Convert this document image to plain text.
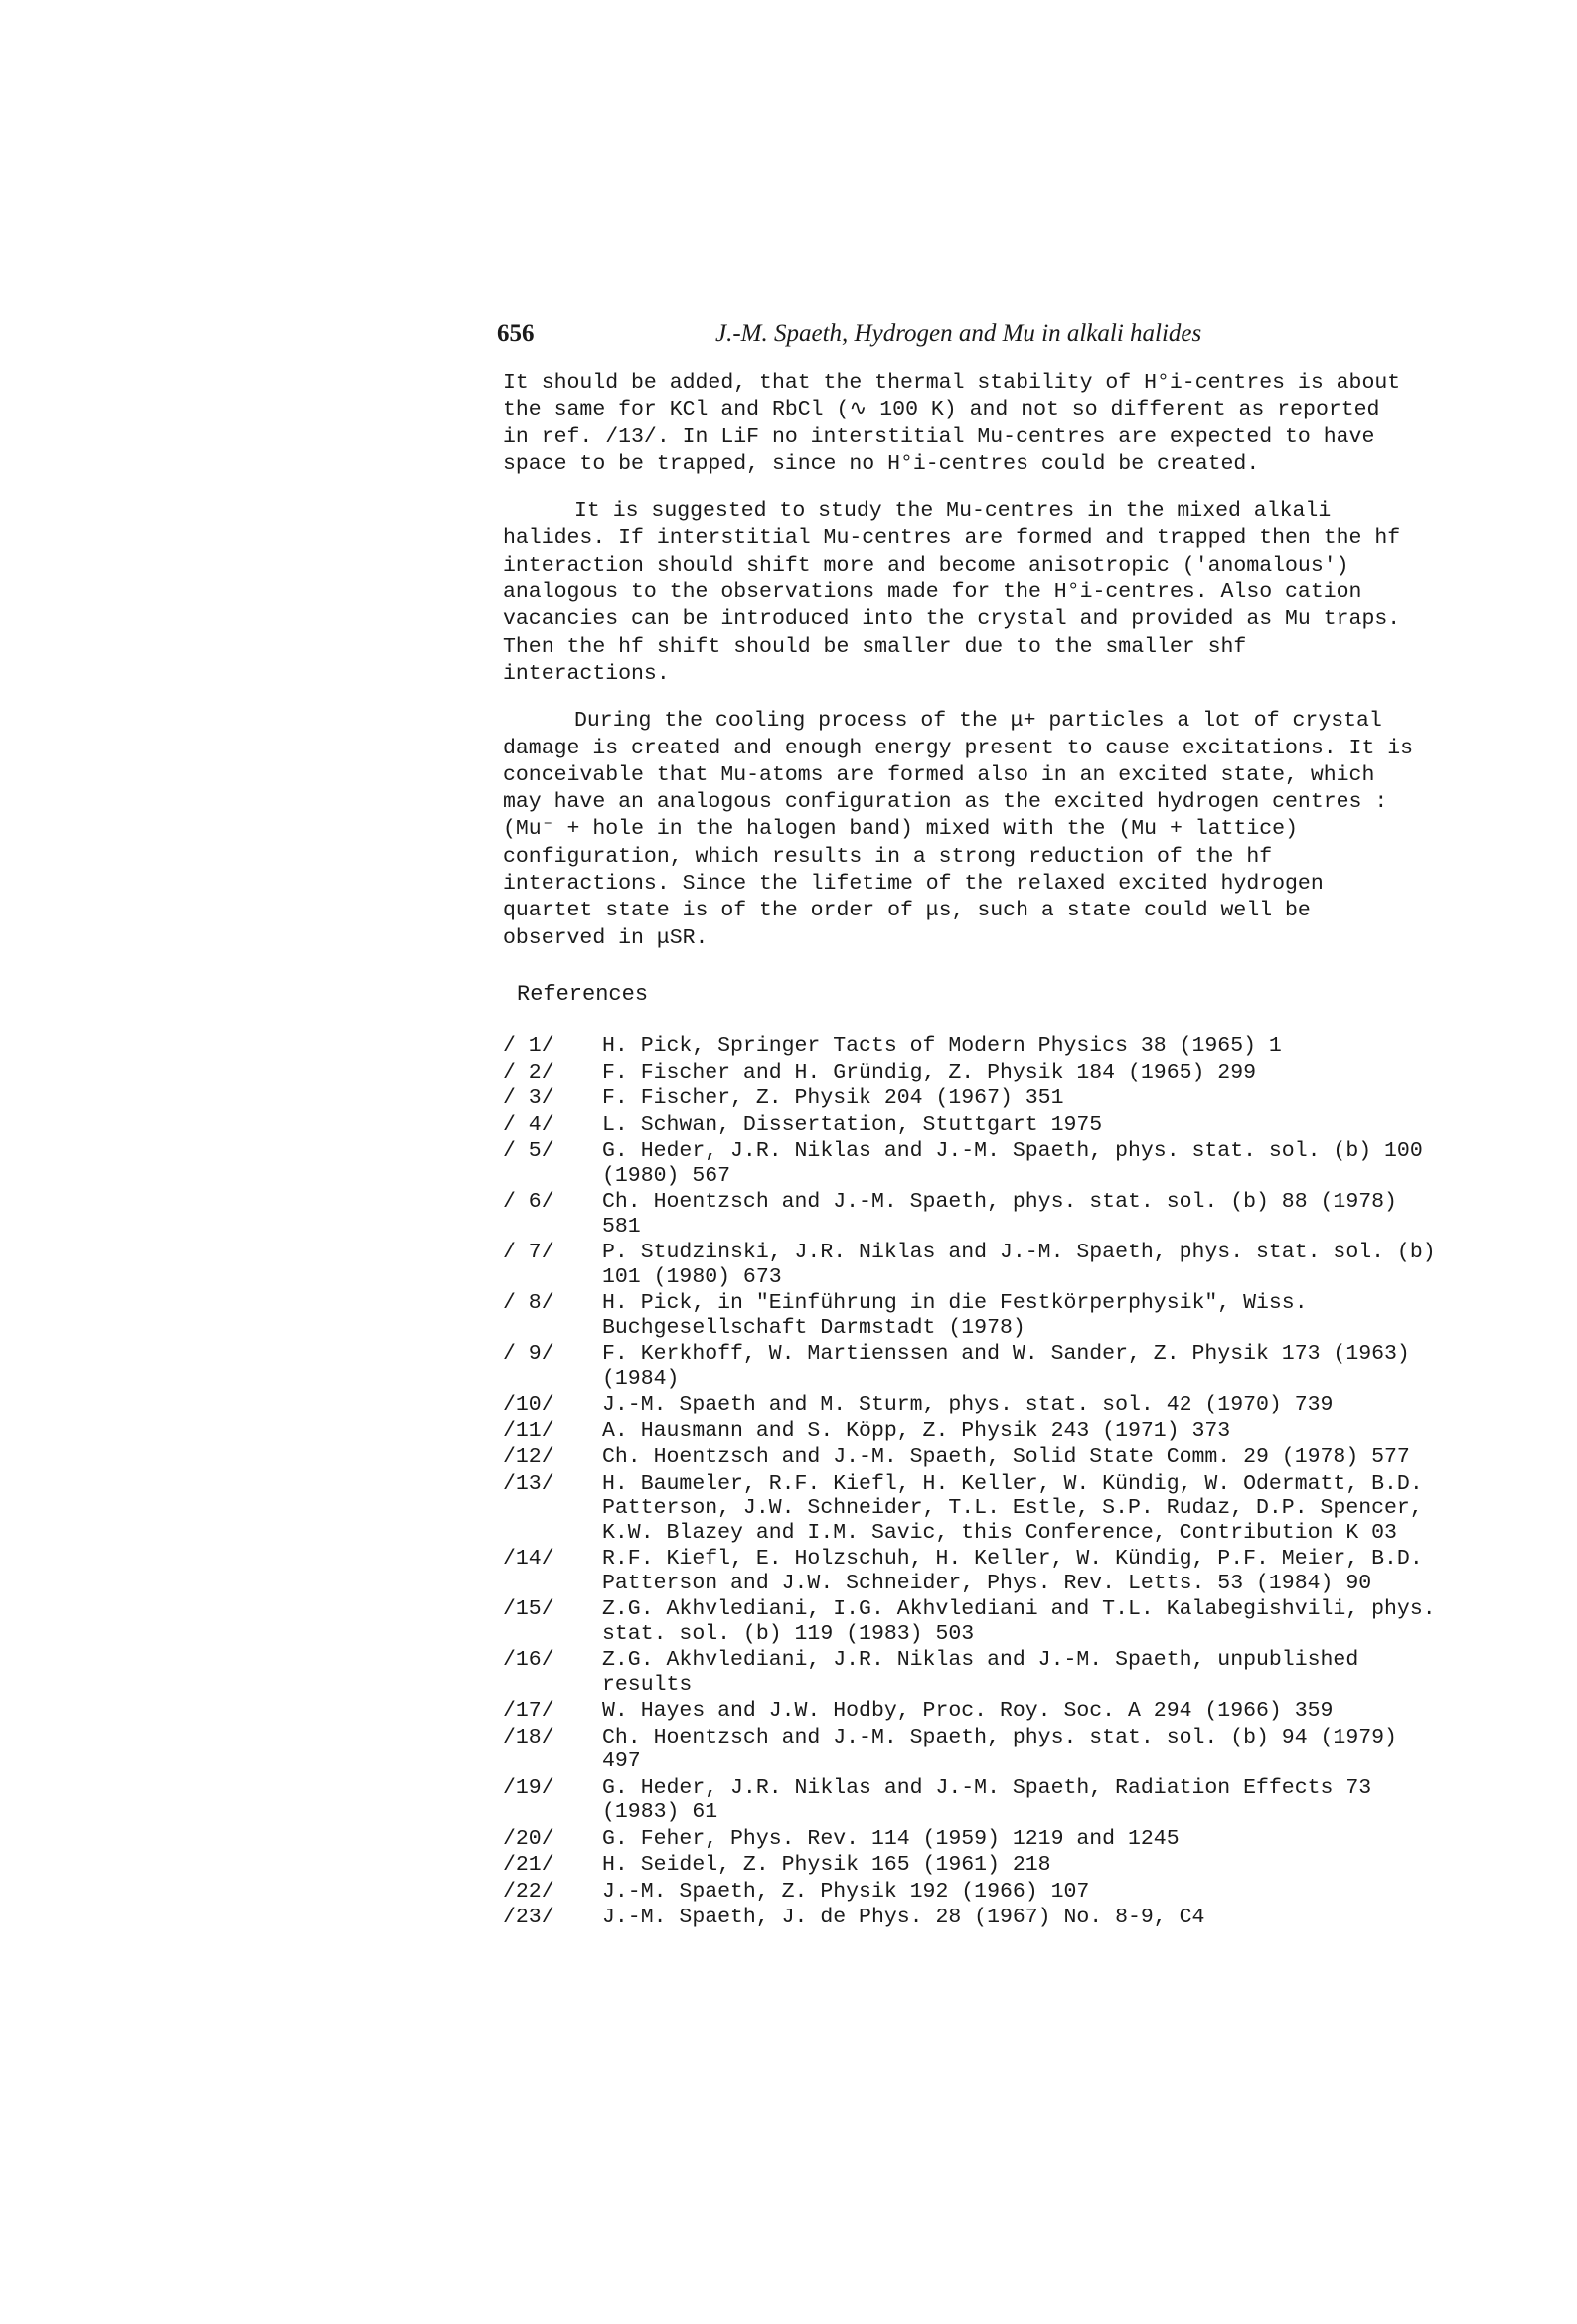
656	J.-M. Spaeth, Hydrogen and Mu in alkali halides

It should be added, that the thermal stability of H°i-centres is about the same for KCl and RbCl (∿ 100 K) and not so different as reported in ref. /13/. In LiF no interstitial Mu-centres are expected to have space to be trapped, since no H°i-centres could be created.

It is suggested to study the Mu-centres in the mixed alkali halides. If interstitial Mu-centres are formed and trapped then the hf interaction should shift more and become anisotropic ('anomalous') analogous to the observations made for the H°i-centres. Also cation vacancies can be introduced into the crystal and provided as Mu traps. Then the hf shift should be smaller due to the smaller shf interactions.

During the cooling process of the μ+ particles a lot of crystal damage is created and enough energy present to cause excitations. It is conceivable that Mu-atoms are formed also in an excited state, which may have an analogous configuration as the excited hydrogen centres : (Mu⁻ + hole in the halogen band) mixed with the (Mu + lattice) configuration, which results in a strong reduction of the hf interactions. Since the lifetime of the relaxed excited hydrogen quartet state is of the order of μs, such a state could well be observed in μSR.

References
/ 1/	H. Pick, Springer Tacts of Modern Physics 38 (1965) 1
/ 2/	F. Fischer and H. Gründig, Z. Physik 184 (1965) 299
/ 3/	F. Fischer, Z. Physik 204 (1967) 351
/ 4/	L. Schwan, Dissertation, Stuttgart 1975
/ 5/	G. Heder, J.R. Niklas and J.-M. Spaeth, phys. stat. sol. (b) 100 (1980) 567
/ 6/	Ch. Hoentzsch and J.-M. Spaeth, phys. stat. sol. (b) 88 (1978) 581
/ 7/	P. Studzinski, J.R. Niklas and J.-M. Spaeth, phys. stat. sol. (b) 101 (1980) 673
/ 8/	H. Pick, in "Einführung in die Festkörperphysik", Wiss. Buchgesellschaft Darmstadt (1978)
/ 9/	F. Kerkhoff, W. Martienssen and W. Sander, Z. Physik 173 (1963) (1984)
/10/	J.-M. Spaeth and M. Sturm, phys. stat. sol. 42 (1970) 739
/11/	A. Hausmann and S. Köpp, Z. Physik 243 (1971) 373
/12/	Ch. Hoentzsch and J.-M. Spaeth, Solid State Comm. 29 (1978) 577
/13/	H. Baumeler, R.F. Kiefl, H. Keller, W. Kündig, W. Odermatt, B.D. Patterson, J.W. Schneider, T.L. Estle, S.P. Rudaz, D.P. Spencer, K.W. Blazey and I.M. Savic, this Conference, Contribution K 03
/14/	R.F. Kiefl, E. Holzschuh, H. Keller, W. Kündig, P.F. Meier, B.D. Patterson and J.W. Schneider, Phys. Rev. Letts. 53 (1984) 90
/15/	Z.G. Akhvlediani, I.G. Akhvlediani and T.L. Kalabegishvili, phys. stat. sol. (b) 119 (1983) 503
/16/	Z.G. Akhvlediani, J.R. Niklas and J.-M. Spaeth, unpublished results
/17/	W. Hayes and J.W. Hodby, Proc. Roy. Soc. A 294 (1966) 359
/18/	Ch. Hoentzsch and J.-M. Spaeth, phys. stat. sol. (b) 94 (1979) 497
/19/	G. Heder, J.R. Niklas and J.-M. Spaeth, Radiation Effects 73 (1983) 61
/20/	G. Feher, Phys. Rev. 114 (1959) 1219 and 1245
/21/	H. Seidel, Z. Physik 165 (1961) 218
/22/	J.-M. Spaeth, Z. Physik 192 (1966) 107
/23/	J.-M. Spaeth, J. de Phys. 28 (1967) No. 8-9, C4
